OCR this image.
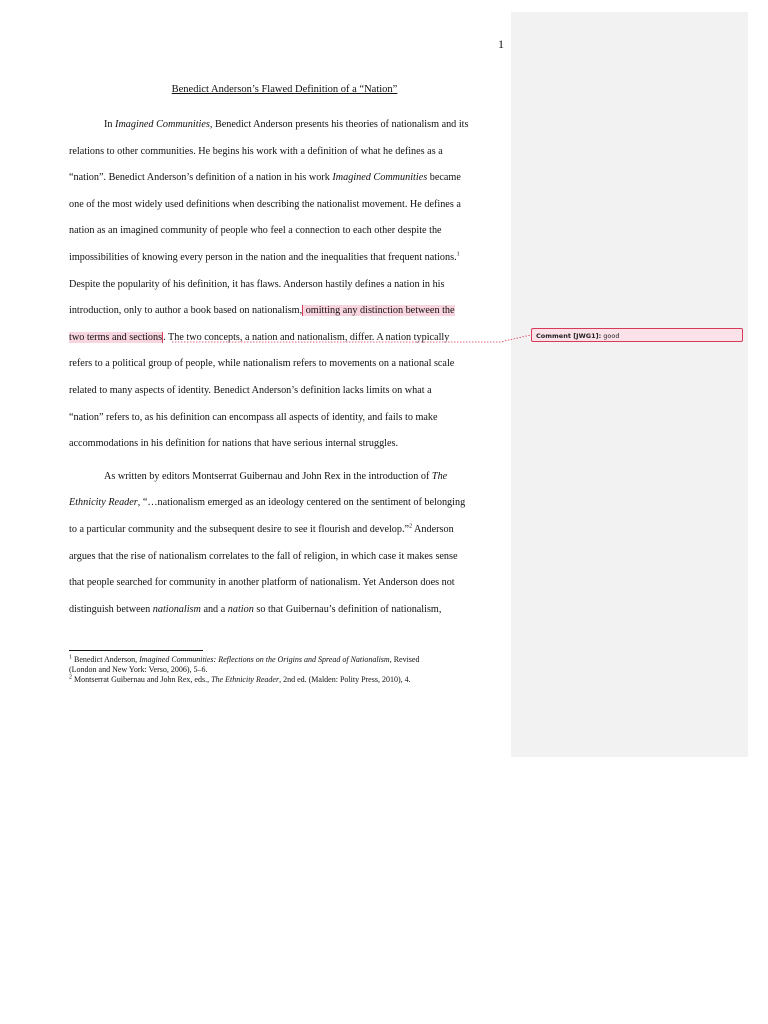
1
Benedict Anderson’s Flawed Definition of a “Nation”
In Imagined Communities, Benedict Anderson presents his theories of nationalism and its
relations to other communities. He begins his work with a definition of what he defines as a
“nation”. Benedict Anderson’s definition of a nation in his work Imagined Communities became
one of the most widely used definitions when describing the nationalist movement. He defines a
nation as an imagined community of people who feel a connection to each other despite the
impossibilities of knowing every person in the nation and the inequalities that frequent nations.$^1$
Despite the popularity of his definition, it has flaws. Anderson hastily defines a nation in his
introduction, only to author a book based on nationalism, omitting any distinction between the
two terms and sections. The two concepts, a nation and nationalism, differ. A nation typically
refers to a political group of people, while nationalism refers to movements on a national scale
related to many aspects of identity. Benedict Anderson’s definition lacks limits on what a
“nation” refers to, as his definition can encompass all aspects of identity, and fails to make
accommodations in his definition for nations that have serious internal struggles.
As written by editors Montserrat Guibernau and John Rex in the introduction of The
Ethnicity Reader, “…nationalism emerged as an ideology centered on the sentiment of belonging
to a particular community and the subsequent desire to see it flourish and develop.”$^2$ Anderson
argues that the rise of nationalism correlates to the fall of religion, in which case it makes sense
that people searched for community in another platform of nationalism. Yet Anderson does not
distinguish between nationalism and a nation so that Guibernau’s definition of nationalism,
$^1$ Benedict Anderson, Imagined Communities: Reflections on the Origins and Spread of Nationalism, Revised
(London and New York: Verso, 2006), 5–6.
$^2$ Montserrat Guibernau and John Rex, eds., The Ethnicity Reader, 2nd ed. (Malden: Polity Press, 2010), 4.
Comment [JWG1]: good
